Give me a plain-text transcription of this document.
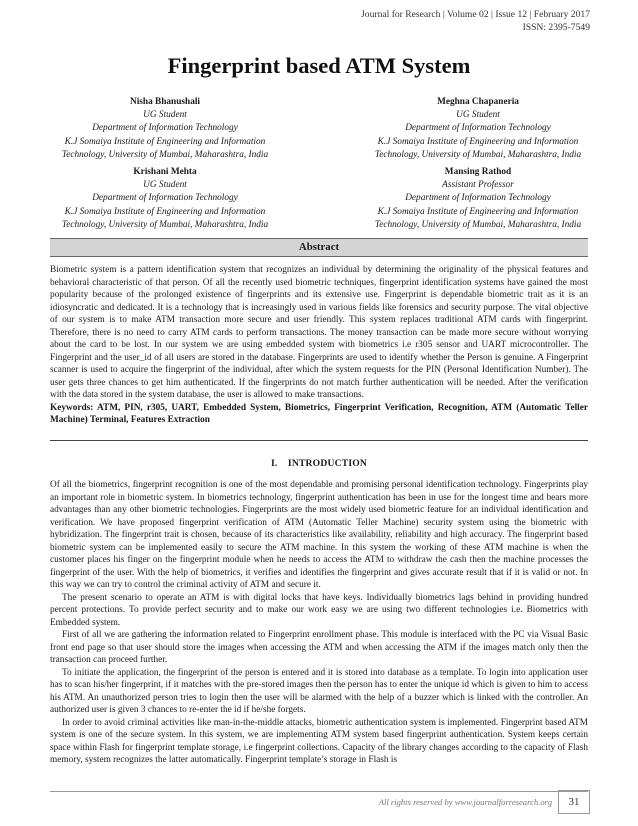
Journal for Research | Volume 02 | Issue 12 | February 2017
ISSN: 2395-7549
Fingerprint based ATM System
Nisha Bhanushali
UG Student
Department of Information Technology
K.J Somaiya Institute of Engineering and Information
Technology, University of Mumbai, Maharashtra, India
Meghna Chapaneria
UG Student
Department of Information Technology
K.J Somaiya Institute of Engineering and Information
Technology, University of Mumbai, Maharashtra, India
Krishani Mehta
UG Student
Department of Information Technology
K.J Somaiya Institute of Engineering and Information
Technology, University of Mumbai, Maharashtra, India
Mansing Rathod
Assistant Professor
Department of Information Technology
K.J Somaiya Institute of Engineering and Information
Technology, University of Mumbai, Maharashtra, India
Abstract
Biometric system is a pattern identification system that recognizes an individual by determining the originality of the physical features and behavioral characteristic of that person. Of all the recently used biometric techniques, fingerprint identification systems have gained the most popularity because of the prolonged existence of fingerprints and its extensive use. Fingerprint is dependable biometric trait as it is an idiosyncratic and dedicated. It is a technology that is increasingly used in various fields like forensics and security purpose. The vital objective of our system is to make ATM transaction more secure and user friendly. This system replaces traditional ATM cards with fingerprint. Therefore, there is no need to carry ATM cards to perform transactions. The money transaction can be made more secure without worrying about the card to be lost. In our system we are using embedded system with biometrics i.e r305 sensor and UART microcontroller. The Fingerprint and the user_id of all users are stored in the database. Fingerprints are used to identify whether the Person is genuine. A Fingerprint scanner is used to acquire the fingerprint of the individual, after which the system requests for the PIN (Personal Identification Number). The user gets three chances to get him authenticated. If the fingerprints do not match further authentication will be needed. After the verification with the data stored in the system database, the user is allowed to make transactions.
Keywords: ATM, PIN, r305, UART, Embedded System, Biometrics, Fingerprint Verification, Recognition, ATM (Automatic Teller Machine) Terminal, Features Extraction
I. INTRODUCTION
Of all the biometrics, fingerprint recognition is one of the most dependable and promising personal identification technology. Fingerprints play an important role in biometric system. In biometrics technology, fingerprint authentication has been in use for the longest time and bears more advantages than any other biometric technologies. Fingerprints are the most widely used biometric feature for an individual identification and verification. We have proposed fingerprint verification of ATM (Automatic Teller Machine) security system using the biometric with hybridization. The fingerprint trait is chosen, because of its characteristics like availability, reliability and high accuracy. The fingerprint based biometric system can be implemented easily to secure the ATM machine. In this system the working of these ATM machine is when the customer places his finger on the fingerprint module when he needs to access the ATM to withdraw the cash then the machine processes the fingerprint of the user. With the help of biometrics, it verifies and identifies the fingerprint and gives accurate result that if it is valid or not. In this way we can try to control the criminal activity of ATM and secure it.
The present scenario to operate an ATM is with digital locks that have keys. Individually biometrics lags behind in providing hundred percent protections. To provide perfect security and to make our work easy we are using two different technologies i.e. Biometrics with Embedded system.
First of all we are gathering the information related to Fingerprint enrollment phase. This module is interfaced with the PC via Visual Basic front end page so that user should store the images when accessing the ATM and when accessing the ATM if the images match only then the transaction can proceed further.
To initiate the application, the fingerprint of the person is entered and it is stored into database as a template. To login into application user has to scan his/her fingerprint, if it matches with the pre-stored images then the person has to enter the unique id which is given to him to access his ATM. An unauthorized person tries to login then the user will be alarmed with the help of a buzzer which is linked with the controller. An authorized user is given 3 chances to re-enter the id if he/she forgets.
In order to avoid criminal activities like man-in-the-middle attacks, biometric authentication system is implemented. Fingerprint based ATM system is one of the secure system. In this system, we are implementing ATM system based fingerprint authentication. System keeps certain space within Flash for fingerprint template storage, i.e fingerprint collections. Capacity of the library changes according to the capacity of Flash memory, system recognizes the latter automatically. Fingerprint template’s storage in Flash is
All rights reserved by www.journalforresearch.org	31
